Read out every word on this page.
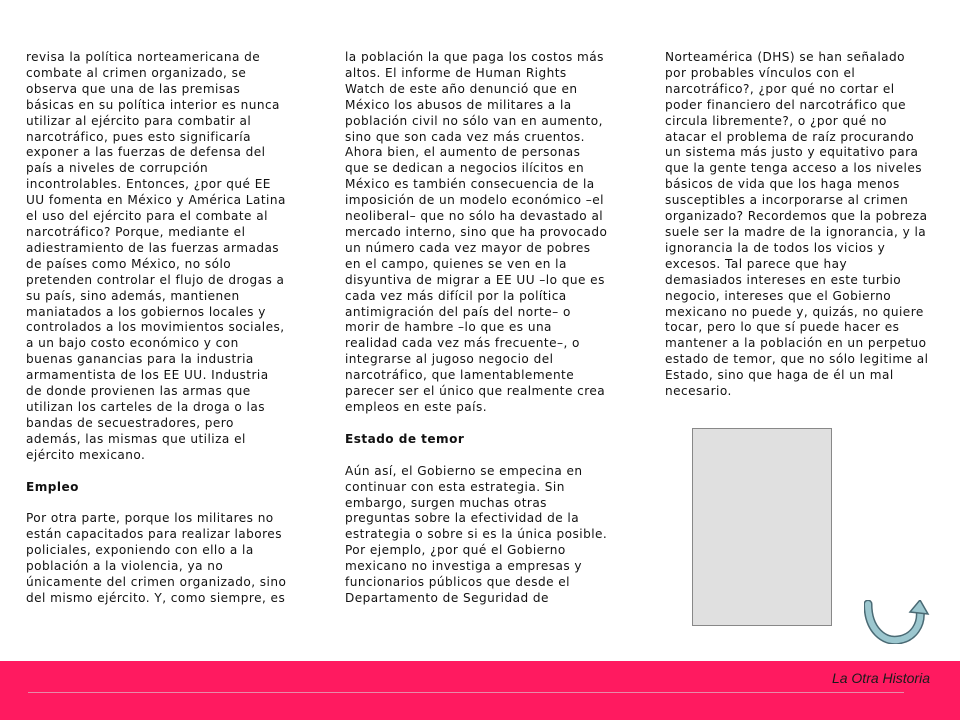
revisa la política norteamericana de
combate al crimen organizado, se
observa que una de las premisas
básicas en su política interior es nunca
utilizar al ejército para combatir al
narcotráfico, pues esto significaría
exponer a las fuerzas de defensa del
país a niveles de corrupción
incontrolables. Entonces, ¿por qué EE
UU fomenta en México y América Latina
el uso del ejército para el combate al
narcotráfico? Porque, mediante el
adiestramiento de las fuerzas armadas
de países como México, no sólo
pretenden controlar el flujo de drogas a
su país, sino además, mantienen
maniatados a los gobiernos locales y
controlados a los movimientos sociales,
a un bajo costo económico y con
buenas ganancias para la industria
armamentista de los EE UU. Industria
de donde provienen las armas que
utilizan los carteles de la droga o las
bandas de secuestradores, pero
además, las mismas que utiliza el
ejército mexicano.

Empleo

Por otra parte, porque los militares no
están capacitados para realizar labores
policiales, exponiendo con ello a la
población a la violencia, ya no
únicamente del crimen organizado, sino
del mismo ejército. Y, como siempre, es

la población la que paga los costos más
altos. El informe de Human Rights
Watch de este año denunció que en
México los abusos de militares a la
población civil no sólo van en aumento,
sino que son cada vez más cruentos.
Ahora bien, el aumento de personas
que se dedican a negocios ilícitos en
México es también consecuencia de la
imposición de un modelo económico –el
neoliberal– que no sólo ha devastado al
mercado interno, sino que ha provocado
un número cada vez mayor de pobres
en el campo, quienes se ven en la
disyuntiva de migrar a EE UU –lo que es
cada vez más difícil por la política
antimigración del país del norte– o
morir de hambre –lo que es una
realidad cada vez más frecuente–, o
integrarse al jugoso negocio del
narcotráfico, que lamentablemente
parecer ser el único que realmente crea
empleos en este país.

Estado de temor

Aún así, el Gobierno se empecina en
continuar con esta estrategia. Sin
embargo, surgen muchas otras
preguntas sobre la efectividad de la
estrategia o sobre si es la única posible.
Por ejemplo, ¿por qué el Gobierno
mexicano no investiga a empresas y
funcionarios públicos que desde el
Departamento de Seguridad de

Norteamérica (DHS) se han señalado
por probables vínculos con el
narcotráfico?, ¿por qué no cortar el
poder financiero del narcotráfico que
circula libremente?, o ¿por qué no
atacar el problema de raíz procurando
un sistema más justo y equitativo para
que la gente tenga acceso a los niveles
básicos de vida que los haga menos
susceptibles a incorporarse al crimen
organizado? Recordemos que la pobreza
suele ser la madre de la ignorancia, y la
ignorancia la de todos los vicios y
excesos. Tal parece que hay
demasiados intereses en este turbio
negocio, intereses que el Gobierno
mexicano no puede y, quizás, no quiere
tocar, pero lo que sí puede hacer es
mantener a la población en un perpetuo
estado de temor, que no sólo legitime al
Estado, sino que haga de él un mal
necesario.

La Otra Historia
